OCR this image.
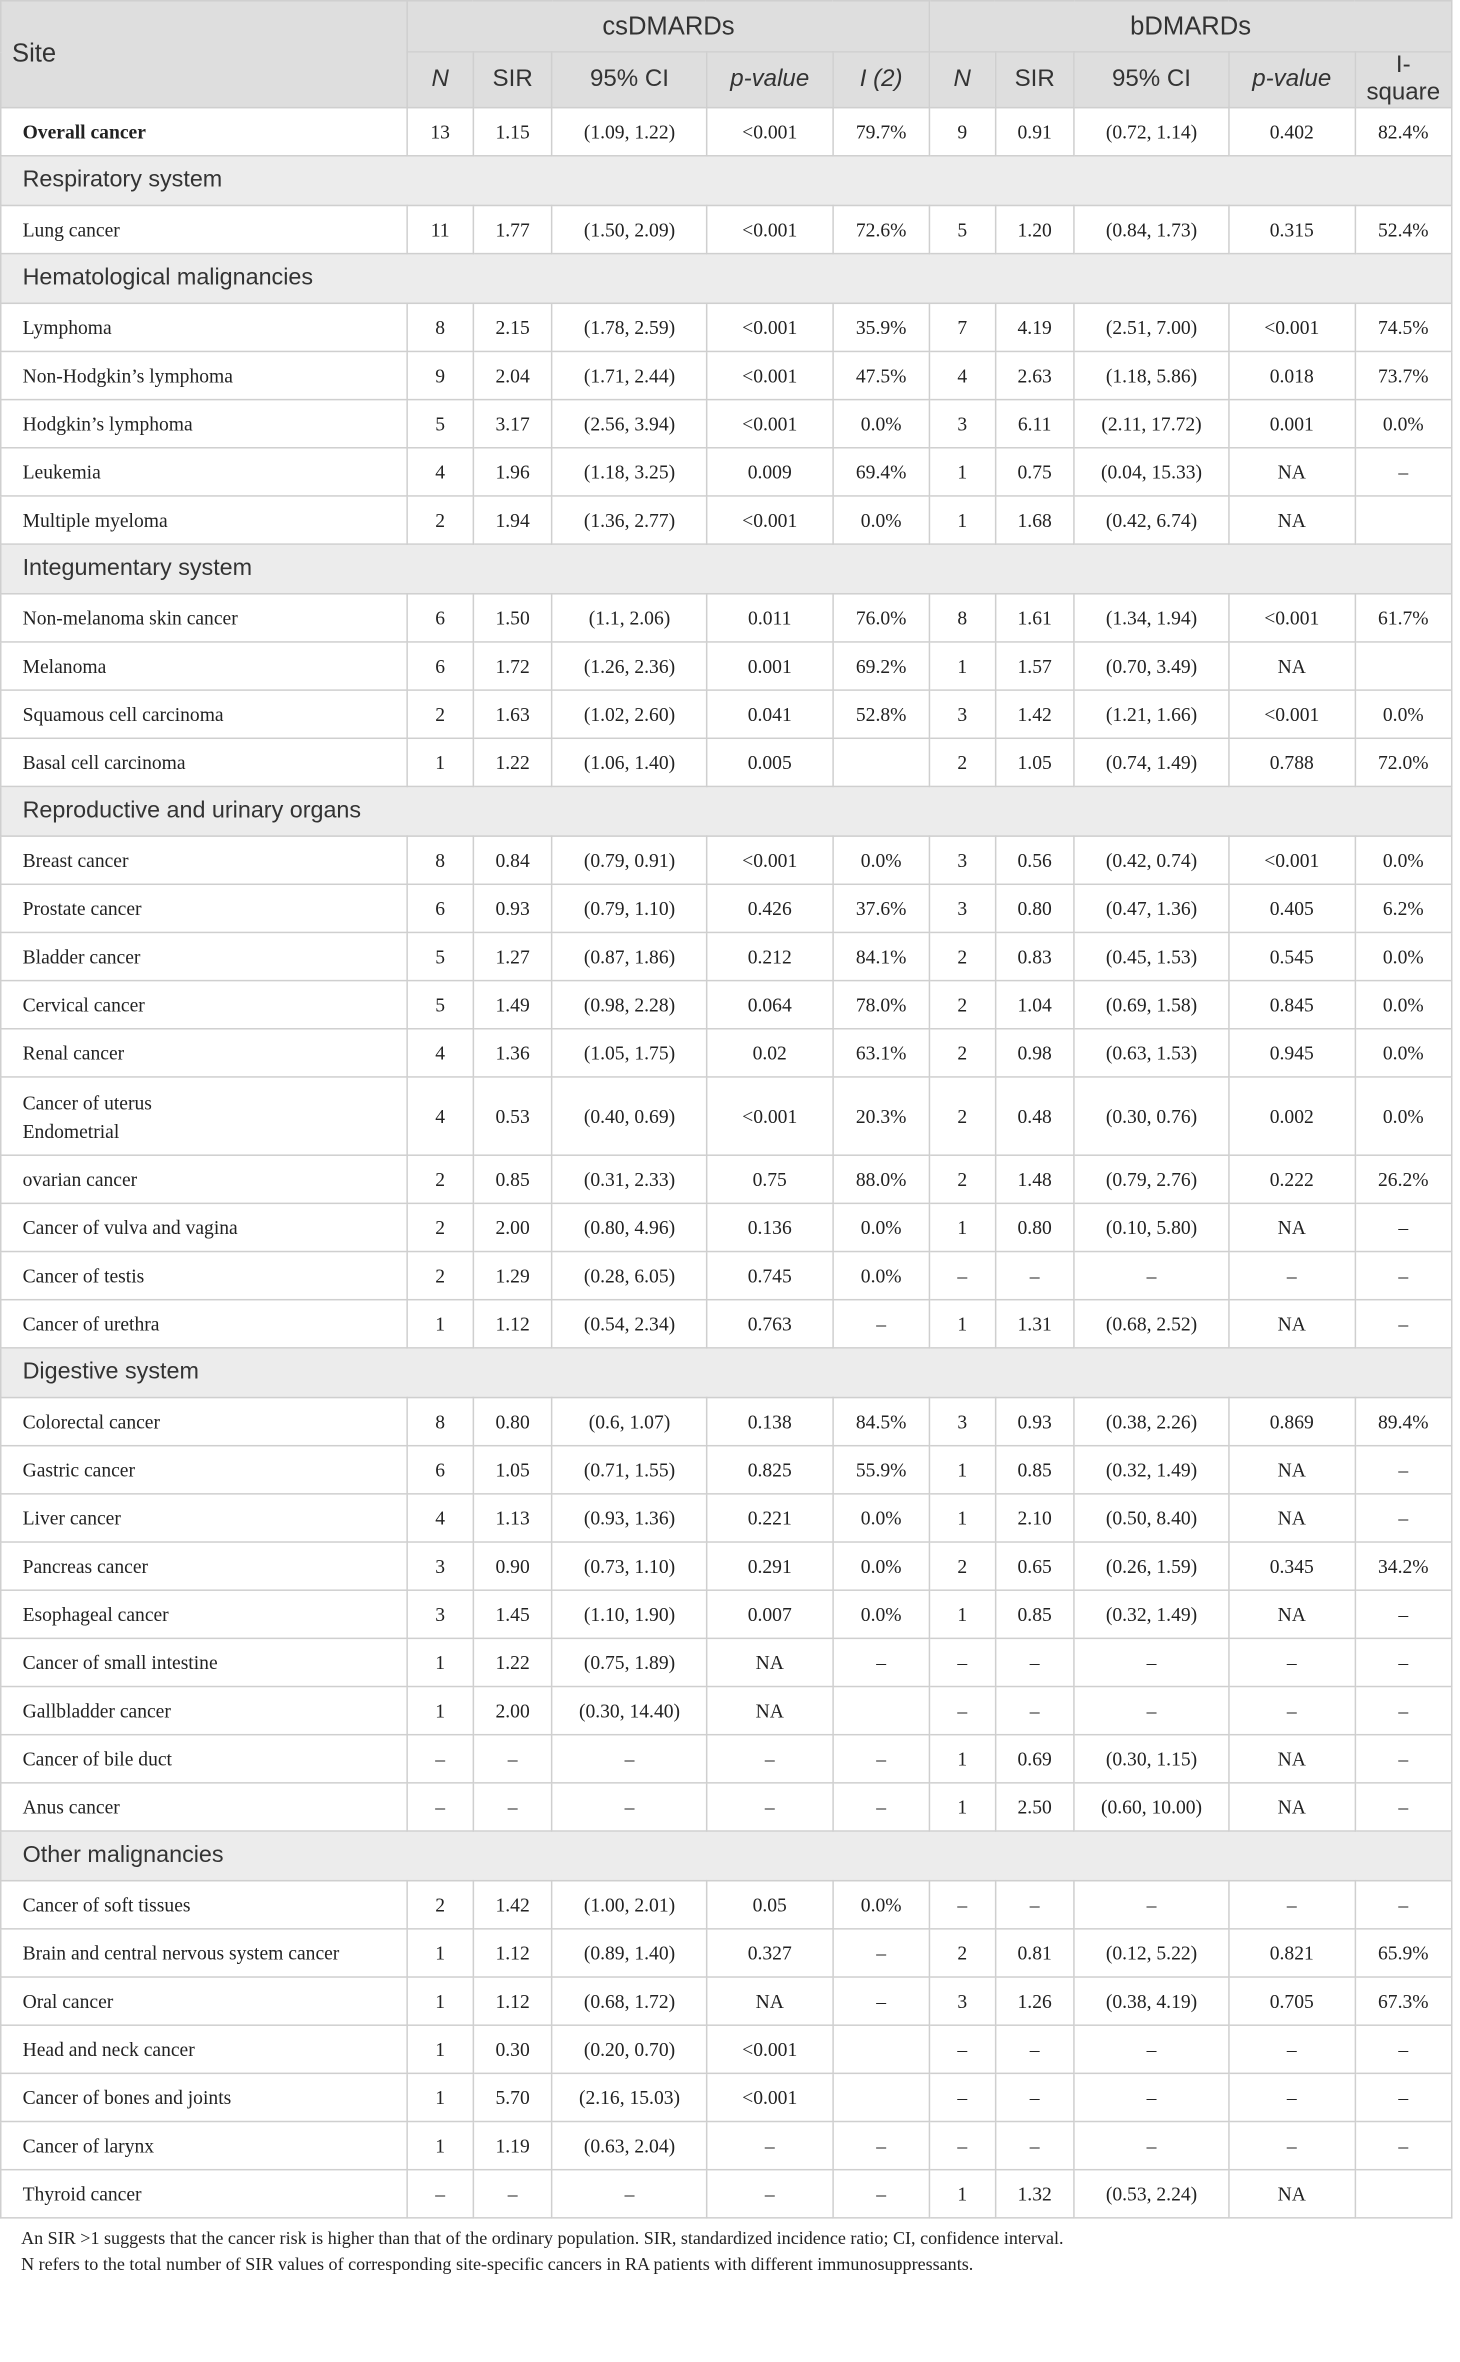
Site	csDMARDs					bDMARDs				
	N	SIR	95% CI	p-value	I (2)	N	SIR	95% CI	p-value	I-square
Overall cancer	13	1.15	(1.09, 1.22)	<0.001	79.7%	9	0.91	(0.72, 1.14)	0.402	82.4%
Respiratory system										
Lung cancer	11	1.77	(1.50, 2.09)	<0.001	72.6%	5	1.20	(0.84, 1.73)	0.315	52.4%
Hematological malignancies										
Lymphoma	8	2.15	(1.78, 2.59)	<0.001	35.9%	7	4.19	(2.51, 7.00)	<0.001	74.5%
Non-Hodgkin’s lymphoma	9	2.04	(1.71, 2.44)	<0.001	47.5%	4	2.63	(1.18, 5.86)	0.018	73.7%
Hodgkin’s lymphoma	5	3.17	(2.56, 3.94)	<0.001	0.0%	3	6.11	(2.11, 17.72)	0.001	0.0%
Leukemia	4	1.96	(1.18, 3.25)	0.009	69.4%	1	0.75	(0.04, 15.33)	NA	–
Multiple myeloma	2	1.94	(1.36, 2.77)	<0.001	0.0%	1	1.68	(0.42, 6.74)	NA	
Integumentary system										
Non-melanoma skin cancer	6	1.50	(1.1, 2.06)	0.011	76.0%	8	1.61	(1.34, 1.94)	<0.001	61.7%
Melanoma	6	1.72	(1.26, 2.36)	0.001	69.2%	1	1.57	(0.70, 3.49)	NA	
Squamous cell carcinoma	2	1.63	(1.02, 2.60)	0.041	52.8%	3	1.42	(1.21, 1.66)	<0.001	0.0%
Basal cell carcinoma	1	1.22	(1.06, 1.40)	0.005		2	1.05	(0.74, 1.49)	0.788	72.0%
Reproductive and urinary organs										
Breast cancer	8	0.84	(0.79, 0.91)	<0.001	0.0%	3	0.56	(0.42, 0.74)	<0.001	0.0%
Prostate cancer	6	0.93	(0.79, 1.10)	0.426	37.6%	3	0.80	(0.47, 1.36)	0.405	6.2%
Bladder cancer	5	1.27	(0.87, 1.86)	0.212	84.1%	2	0.83	(0.45, 1.53)	0.545	0.0%
Cervical cancer	5	1.49	(0.98, 2.28)	0.064	78.0%	2	1.04	(0.69, 1.58)	0.845	0.0%
Renal cancer	4	1.36	(1.05, 1.75)	0.02	63.1%	2	0.98	(0.63, 1.53)	0.945	0.0%

Cancer of uterus
Endometrial	4	0.53	(0.40, 0.69)	<0.001	20.3%	2	0.48	(0.30, 0.76)	0.002	0.0%
ovarian cancer	2	0.85	(0.31, 2.33)	0.75	88.0%	2	1.48	(0.79, 2.76)	0.222	26.2%
Cancer of vulva and vagina	2	2.00	(0.80, 4.96)	0.136	0.0%	1	0.80	(0.10, 5.80)	NA	–
Cancer of testis	2	1.29	(0.28, 6.05)	0.745	0.0%	–	–	–	–	–
Cancer of urethra	1	1.12	(0.54, 2.34)	0.763	–	1	1.31	(0.68, 2.52)	NA	–
Digestive system										
Colorectal cancer	8	0.80	(0.6, 1.07)	0.138	84.5%	3	0.93	(0.38, 2.26)	0.869	89.4%
Gastric cancer	6	1.05	(0.71, 1.55)	0.825	55.9%	1	0.85	(0.32, 1.49)	NA	–
Liver cancer	4	1.13	(0.93, 1.36)	0.221	0.0%	1	2.10	(0.50, 8.40)	NA	–
Pancreas cancer	3	0.90	(0.73, 1.10)	0.291	0.0%	2	0.65	(0.26, 1.59)	0.345	34.2%
Esophageal cancer	3	1.45	(1.10, 1.90)	0.007	0.0%	1	0.85	(0.32, 1.49)	NA	–
Cancer of small intestine	1	1.22	(0.75, 1.89)	NA	–	–	–	–	–	–
Gallbladder cancer	1	2.00	(0.30, 14.40)	NA		–	–	–	–	–
Cancer of bile duct	–	–	–	–	–	1	0.69	(0.30, 1.15)	NA	–
Anus cancer	–	–	–	–	–	1	2.50	(0.60, 10.00)	NA	–
Other malignancies										
Cancer of soft tissues	2	1.42	(1.00, 2.01)	0.05	0.0%	–	–	–	–	–
Brain and central nervous system cancer	1	1.12	(0.89, 1.40)	0.327	–	2	0.81	(0.12, 5.22)	0.821	65.9%
Oral cancer	1	1.12	(0.68, 1.72)	NA	–	3	1.26	(0.38, 4.19)	0.705	67.3%
Head and neck cancer	1	0.30	(0.20, 0.70)	<0.001		–	–	–	–	–
Cancer of bones and joints	1	5.70	(2.16, 15.03)	<0.001		–	–	–	–	–
Cancer of larynx	1	1.19	(0.63, 2.04)	–	–	–	–	–	–	–
Thyroid cancer	–	–	–	–	–	1	1.32	(0.53, 2.24)	NA	
An SIR >1 suggests that the cancer risk is higher than that of the ordinary population. SIR, standardized incidence ratio; CI, confidence interval.
N refers to the total number of SIR values of corresponding site-specific cancers in RA patients with different immunosuppressants.
